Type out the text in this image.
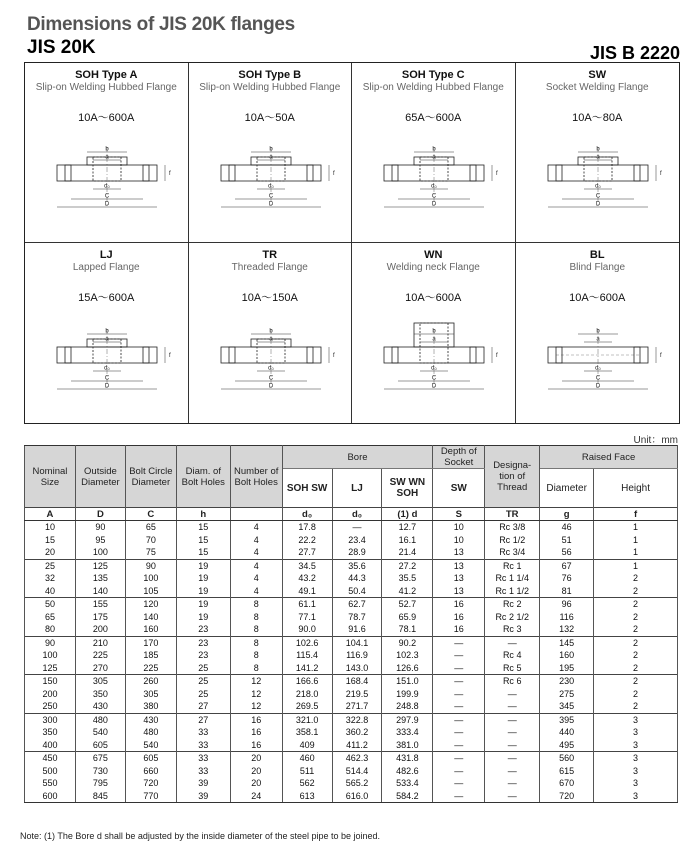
Dimensions of JIS 20K flanges
JIS 20K	JIS B 2220
SOH Type A
Slip-on Welding Hubbed Flange
10A～600A
b
a
d₀
C
D
f
SOH Type B
Slip-on Welding Hubbed Flange
10A～50A
b
a
d₀
C
D
f
SOH Type C
Slip-on Welding Hubbed Flange
65A～600A
b
a
d₀
C
D
f
SW
Socket Welding Flange
10A～80A
b
a
d₀
C
D
f
LJ
Lapped Flange
15A～600A
b
a
d₀
C
D
f
TR
Threaded Flange
10A～150A
b
a
d₀
C
D
f
WN
Welding neck Flange
10A～600A
b
a
d₀
C
D
f
BL
Blind Flange
10A～600A
b
a
d₀
C
D
f
Unit：mm
Nominal Size	Outside Diameter	Bolt Circle Diameter	Diam. of Bolt Holes	Number of Bolt Holes	Bore			Depth of Socket	Designa- tion of Thread	Raised Face	
					SOH SW	LJ	SW WN SOH	SW		Diameter	Height
A	D	C	h		d₀	d₀	(1) d	S	TR	g	f
10	90	65	15	4	17.8	—	12.7	10	Rc 3/8	46	1
15	95	70	15	4	22.2	23.4	16.1	10	Rc 1/2	51	1
20	100	75	15	4	27.7	28.9	21.4	13	Rc 3/4	56	1
25	125	90	19	4	34.5	35.6	27.2	13	Rc 1	67	1
32	135	100	19	4	43.2	44.3	35.5	13	Rc 1 1/4	76	2
40	140	105	19	4	49.1	50.4	41.2	13	Rc 1 1/2	81	2
50	155	120	19	8	61.1	62.7	52.7	16	Rc 2	96	2
65	175	140	19	8	77.1	78.7	65.9	16	Rc 2 1/2	116	2
80	200	160	23	8	90.0	91.6	78.1	16	Rc 3	132	2
90	210	170	23	8	102.6	104.1	90.2	—	—	145	2
100	225	185	23	8	115.4	116.9	102.3	—	Rc 4	160	2
125	270	225	25	8	141.2	143.0	126.6	—	Rc 5	195	2
150	305	260	25	12	166.6	168.4	151.0	—	Rc 6	230	2
200	350	305	25	12	218.0	219.5	199.9	—	—	275	2
250	430	380	27	12	269.5	271.7	248.8	—	—	345	2
300	480	430	27	16	321.0	322.8	297.9	—	—	395	3
350	540	480	33	16	358.1	360.2	333.4	—	—	440	3
400	605	540	33	16	409	411.2	381.0	—	—	495	3
450	675	605	33	20	460	462.3	431.8	—	—	560	3
500	730	660	33	20	511	514.4	482.6	—	—	615	3
550	795	720	39	20	562	565.2	533.4	—	—	670	3
600	845	770	39	24	613	616.0	584.2	—	—	720	3
Note: (1) The Bore d shall be adjusted by the inside diameter of the steel pipe to be joined.
